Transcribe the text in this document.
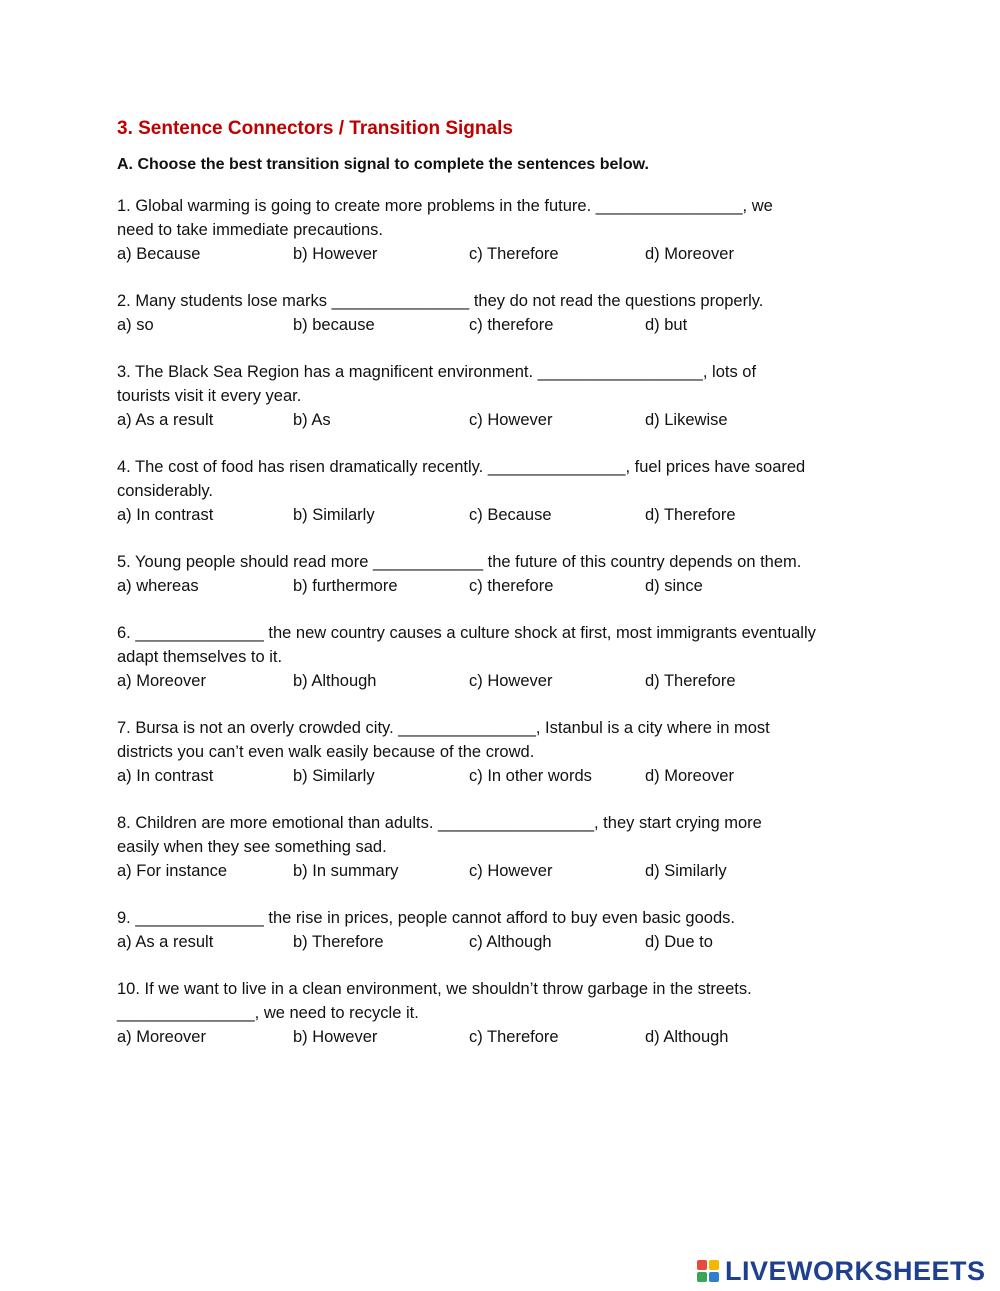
3. Sentence Connectors / Transition Signals

A. Choose the best transition signal to complete the sentences below.

1. Global warming is going to create more problems in the future. ________________, we
need to take immediate precautions.
a) Because	b) However	c) Therefore	d) Moreover
2. Many students lose marks _______________ they do not read the questions properly.
a) so	b) because	c) therefore	d) but
3. The Black Sea Region has a magnificent environment. __________________, lots of
tourists visit it every year.
a) As a result	b) As	c) However	d) Likewise
4. The cost of food has risen dramatically recently. _______________, fuel prices have soared
considerably.
a) In contrast	b) Similarly	c) Because	d) Therefore
5. Young people should read more ____________ the future of this country depends on them.
a) whereas	b) furthermore	c) therefore	d) since
6. ______________ the new country causes a culture shock at first, most immigrants eventually
adapt themselves to it.
a) Moreover	b) Although	c) However	d) Therefore
7. Bursa is not an overly crowded city. _______________, Istanbul is a city where in most
districts you can’t even walk easily because of the crowd.
a) In contrast	b) Similarly	c) In other words	d) Moreover
8. Children are more emotional than adults. _________________, they start crying more
easily when they see something sad.
a) For instance	b) In summary	c) However	d) Similarly
9. ______________ the rise in prices, people cannot afford to buy even basic goods.
a) As a result	b) Therefore	c) Although	d) Due to
10. If we want to live in a clean environment, we shouldn’t throw garbage in the streets.
_______________, we need to recycle it.
a) Moreover	b) However	c) Therefore	d) Although
LIVEWORKSHEETS
